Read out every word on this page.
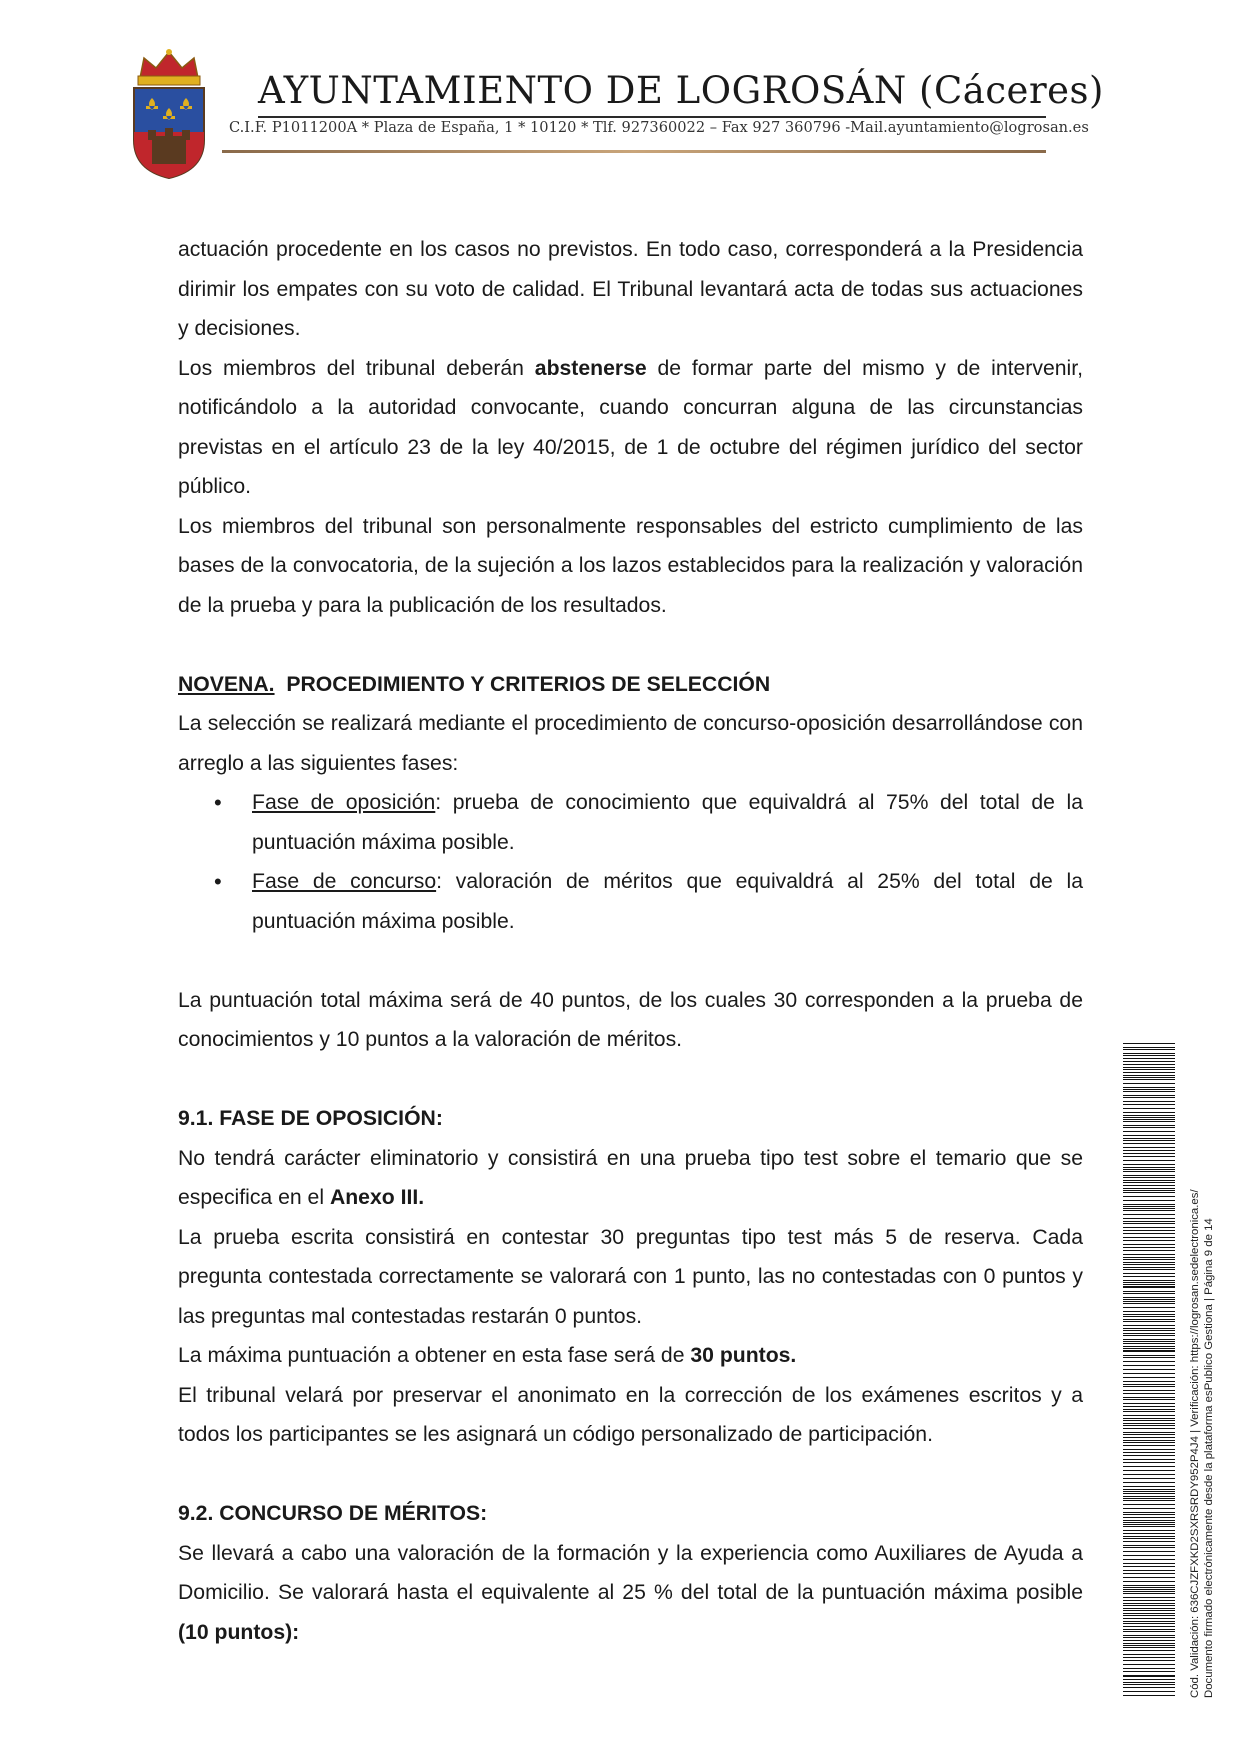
AYUNTAMIENTO DE LOGROSÁN (Cáceres)
C.I.F. P1011200A * Plaza de España, 1 * 10120 * Tlf. 927360022 – Fax 927 360796 -Mail.ayuntamiento@logrosan.es

actuación procedente en los casos no previstos. En todo caso, corresponderá a la Presidencia dirimir los empates con su voto de calidad. El Tribunal levantará acta de todas sus actuaciones y decisiones.

Los miembros del tribunal deberán abstenerse de formar parte del mismo y de intervenir, notificándolo a la autoridad convocante, cuando concurran alguna de las circunstancias previstas en el artículo 23 de la ley 40/2015, de 1 de octubre del régimen jurídico del sector público.

Los miembros del tribunal son personalmente responsables del estricto cumplimiento de las bases de la convocatoria, de la sujeción a los lazos establecidos para la realización y valoración de la prueba y para la publicación de los resultados.

NOVENA. PROCEDIMIENTO Y CRITERIOS DE SELECCIÓN

La selección se realizará mediante el procedimiento de concurso-oposición desarrollándose con arreglo a las siguientes fases:

• Fase de oposición: prueba de conocimiento que equivaldrá al 75% del total de la puntuación máxima posible.
• Fase de concurso: valoración de méritos que equivaldrá al 25% del total de la puntuación máxima posible.

La puntuación total máxima será de 40 puntos, de los cuales 30 corresponden a la prueba de conocimientos y 10 puntos a la valoración de méritos.

9.1. FASE DE OPOSICIÓN:

No tendrá carácter eliminatorio y consistirá en una prueba tipo test sobre el temario que se especifica en el Anexo III.

La prueba escrita consistirá en contestar 30 preguntas tipo test más 5 de reserva. Cada pregunta contestada correctamente se valorará con 1 punto, las no contestadas con 0 puntos y las preguntas mal contestadas restarán 0 puntos.

La máxima puntuación a obtener en esta fase será de 30 puntos.

El tribunal velará por preservar el anonimato en la corrección de los exámenes escritos y a todos los participantes se les asignará un código personalizado de participación.

9.2. CONCURSO DE MÉRITOS:

Se llevará a cabo una valoración de la formación y la experiencia como Auxiliares de Ayuda a Domicilio. Se valorará hasta el equivalente al 25 % del total de la puntuación máxima posible (10 puntos):	Cód. Validación: 636CJZFXKD2SXRSRDY952P4J4 | Verificación: https://logrosan.sedelectronica.es/ Documento firmado electrónicamente desde la plataforma esPublico Gestiona | Página 9 de 14
